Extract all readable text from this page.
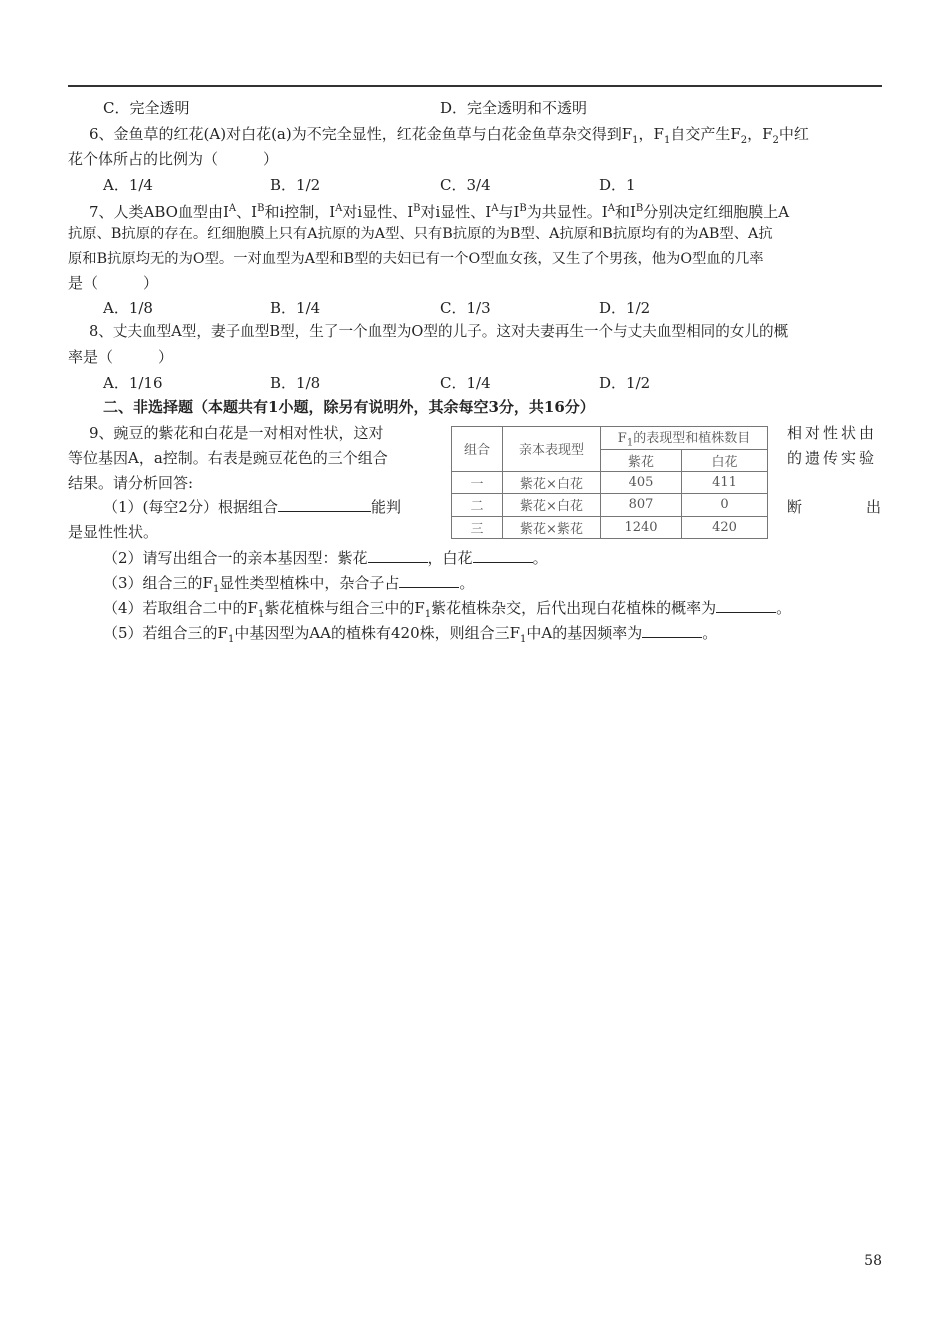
C．完全透明	D．完全透明和不透明
6、金鱼草的红花(A)对白花(a)为不完全显性，红花金鱼草与白花金鱼草杂交得到$F_1$，$F_1$自交产生$F_2$，$F_2$中红
花个体所占的比例为（　　　）
A．1/4	B．1/2	C．3/4	D．1
7、人类ABO血型由$I^A$、$I^B$和i控制，$I^A$对i显性、$I^B$对i显性、$I^A$与$I^B$为共显性。$I^A$和$I^B$分别决定红细胞膜上A
抗原、B抗原的存在。红细胞膜上只有A抗原的为A型、只有B抗原的为B型、A抗原和B抗原均有的为AB型、A抗
原和B抗原均无的为O型。一对血型为A型和B型的夫妇已有一个O型血女孩，又生了个男孩，他为O型血的几率
是（　　　）
A．1/8	B．1/4	C．1/3	D．1/2
8、丈夫血型A型，妻子血型B型，生了一个血型为O型的儿子。这对夫妻再生一个与丈夫血型相同的女儿的概
率是（　　　）
A．1/16	B．1/8	C．1/4	D．1/2
二、非选择题（本题共有1小题，除另有说明外，其余每空3分，共16分）
9、豌豆的紫花和白花是一对相对性状，这对	相对性状由
等位基因A，a控制。右表是豌豆花色的三个组合	的遗传实验
结果。请分析回答:
（1）(每空2分）根据组合	能判	断	出
是显性性状。
组合	亲本表现型	$F_1$的表现型和植株数目	
		紫花	白花
一	紫花×白花	405	411
二	紫花×白花	807	0
三	紫花×紫花	1240	420
（2）请写出组合一的亲本基因型：紫花	，白花	。
（3）组合三的$F_1$显性类型植株中，杂合子占	。
（4）若取组合二中的$F_1$紫花植株与组合三中的$F_1$紫花植株杂交，后代出现白花植株的概率为	。
（5）若组合三的$F_1$中基因型为AA的植株有420株，则组合三$F_1$中A的基因频率为	。
58
